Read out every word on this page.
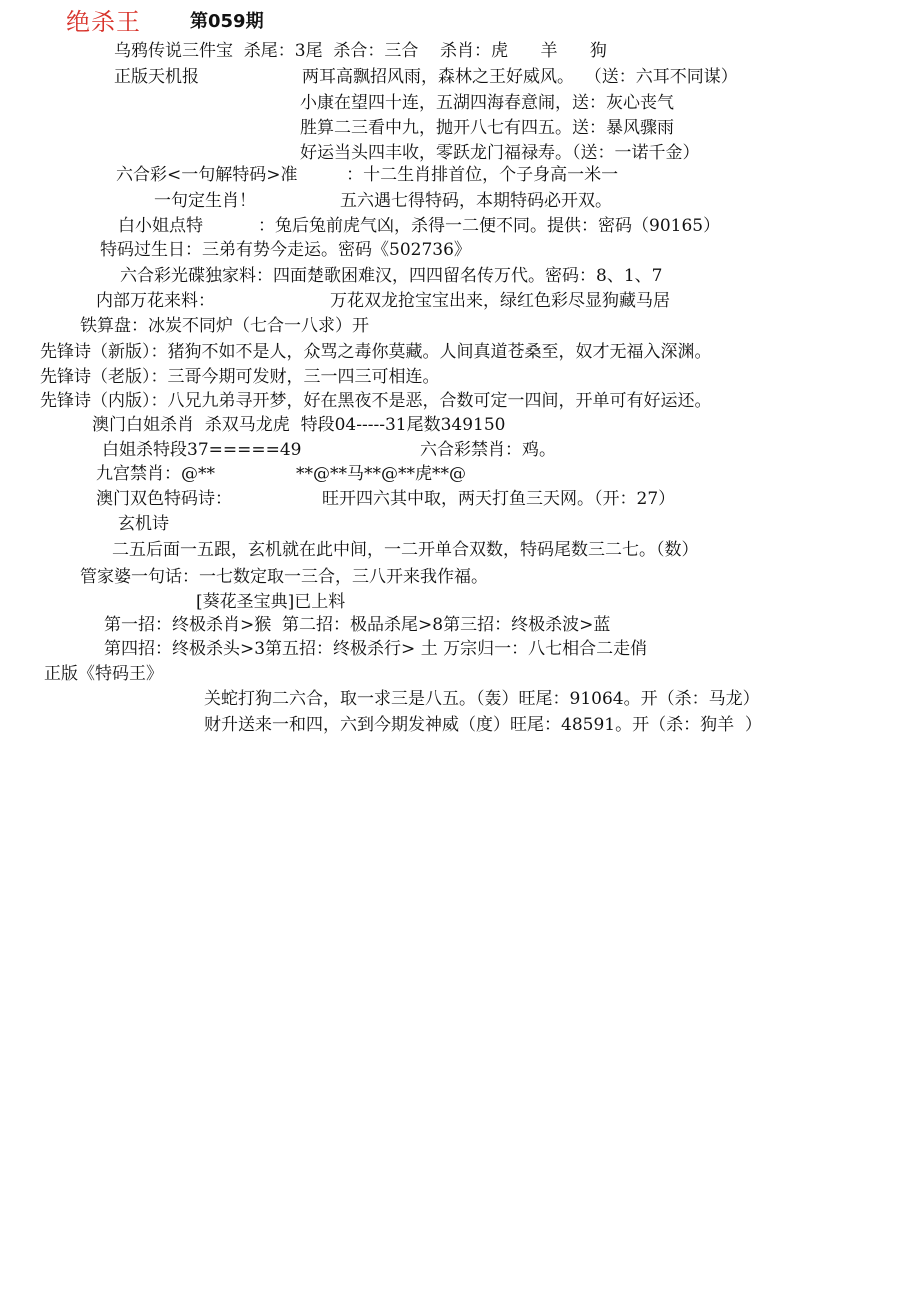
绝杀王	第059期
乌鸦传说三件宝  杀尾：3尾  杀合：三合    杀肖：虎      羊      狗
正版天机报	两耳高飘招风雨，森林之王好威风。  （送：六耳不同谋）
小康在望四十连，五湖四海春意闹，送：灰心丧气
胜算二三看中九，抛开八七有四五。送：暴风骤雨
好运当头四丰收，零跃龙门福禄寿。（送：一诺千金）
六合彩<一句解特码>准         ：十二生肖排首位，个子身高一米一
一句定生肖！	五六遇七得特码，本期特码必开双。
白小姐点特	：兔后兔前虎气凶，杀得一二便不同。提供：密码（90165）
特码过生日：三弟有势今走运。密码《502736》
六合彩光碟独家料：四面楚歌困难汉，四四留名传万代。密码：8、1、7
内部万花来料：	万花双龙抢宝宝出来，绿红色彩尽显狗藏马居
铁算盘：冰炭不同炉（七合一八求）开
先锋诗（新版）：猪狗不如不是人，众骂之毒你莫藏。人间真道苍桑至，奴才无福入深渊。
先锋诗（老版）：三哥今期可发财，三一四三可相连。
先锋诗（内版）：八兄九弟寻开梦，好在黑夜不是恶，合数可定一四间，开单可有好运还。
澳门白姐杀肖  杀双马龙虎  特段04-----31尾数349150
白姐杀特段37=====49	六合彩禁肖：鸡。
九宫禁肖：@**	**@**马**@**虎**@
澳门双色特码诗：	旺开四六其中取，两天打鱼三天网。（开：27）
玄机诗
二五后面一五跟，玄机就在此中间，一二开单合双数，特码尾数三二七。（数）
管家婆一句话：一七数定取一三合，三八开来我作福。
[葵花圣宝典]已上料
第一招：终极杀肖>猴  第二招：极品杀尾>8第三招：终极杀波>蓝
第四招：终极杀头>3第五招：终极杀行> 土 万宗归一：八七相合二走俏
正版《特码王》
关蛇打狗二六合，取一求三是八五。（轰）旺尾：91064。开（杀：马龙）
财升送来一和四，六到今期发神威（度）旺尾：48591。开（杀：狗羊  ）
